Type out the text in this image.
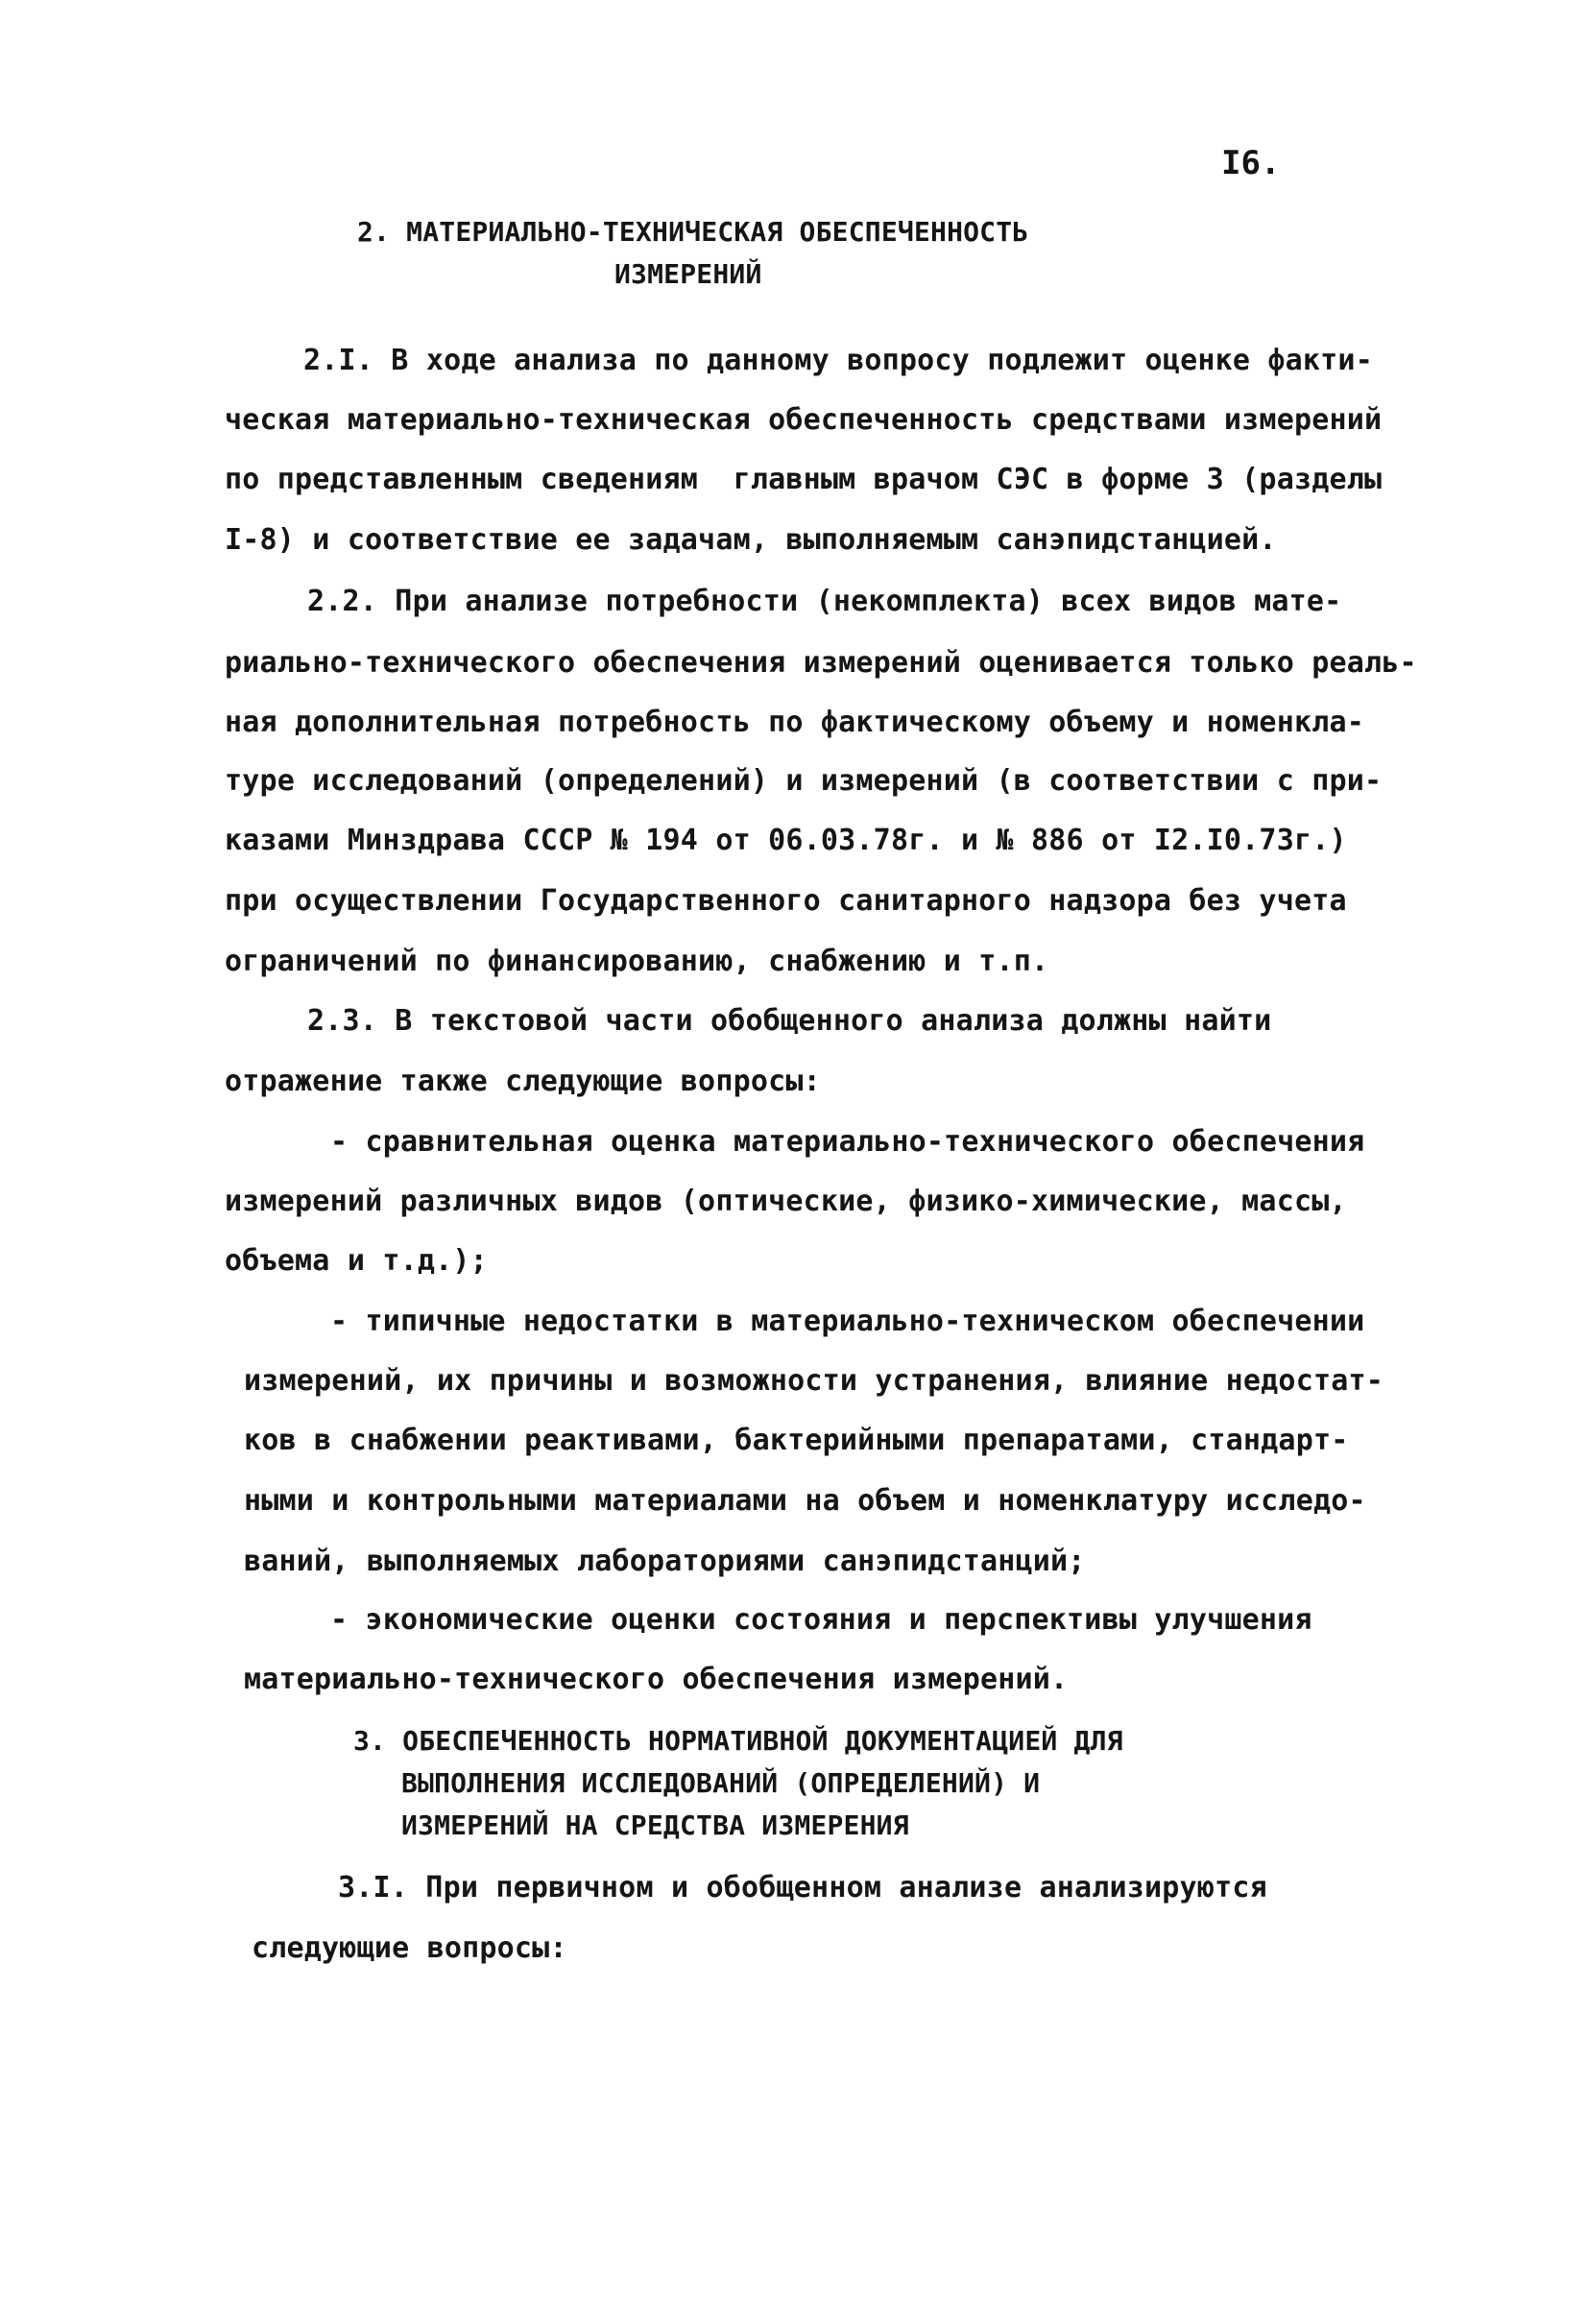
I6.
2. МАТЕРИАЛЬНО-ТЕХНИЧЕСКАЯ ОБЕСПЕЧЕННОСТЬ
ИЗМЕРЕНИЙ
2.I. В ходе анализа по данному вопросу подлежит оценке факти-
ческая материально-техническая обеспеченность средствами измерений
по представленным сведениям  главным врачом СЭС в форме 3 (разделы
I-8) и соответствие ее задачам, выполняемым санэпидстанцией.
2.2. При анализе потребности (некомплекта) всех видов мате-
риально-технического обеспечения измерений оценивается только реаль-
ная дополнительная потребность по фактическому объему и номенкла-
туре исследований (определений) и измерений (в соответствии с при-
казами Минздрава СССР № 194 от 06.03.78г. и № 886 от I2.I0.73г.)
при осуществлении Государственного санитарного надзора без учета
ограничений по финансированию, снабжению и т.п.
2.3. В текстовой части обобщенного анализа должны найти
отражение также следующие вопросы:
- сравнительная оценка материально-технического обеспечения
измерений различных видов (оптические, физико-химические, массы,
объема и т.д.);
- типичные недостатки в материально-техническом обеспечении
измерений, их причины и возможности устранения, влияние недостат-
ков в снабжении реактивами, бактерийными препаратами, стандарт-
ными и контрольными материалами на объем и номенклатуру исследо-
ваний, выполняемых лабораториями санэпидстанций;
- экономические оценки состояния и перспективы улучшения
материально-технического обеспечения измерений.
3. ОБЕСПЕЧЕННОСТЬ НОРМАТИВНОЙ ДОКУМЕНТАЦИЕЙ ДЛЯ
ВЫПОЛНЕНИЯ ИССЛЕДОВАНИЙ (ОПРЕДЕЛЕНИЙ) И
ИЗМЕРЕНИЙ НА СРЕДСТВА ИЗМЕРЕНИЯ
3.I. При первичном и обобщенном анализе анализируются
следующие вопросы:
